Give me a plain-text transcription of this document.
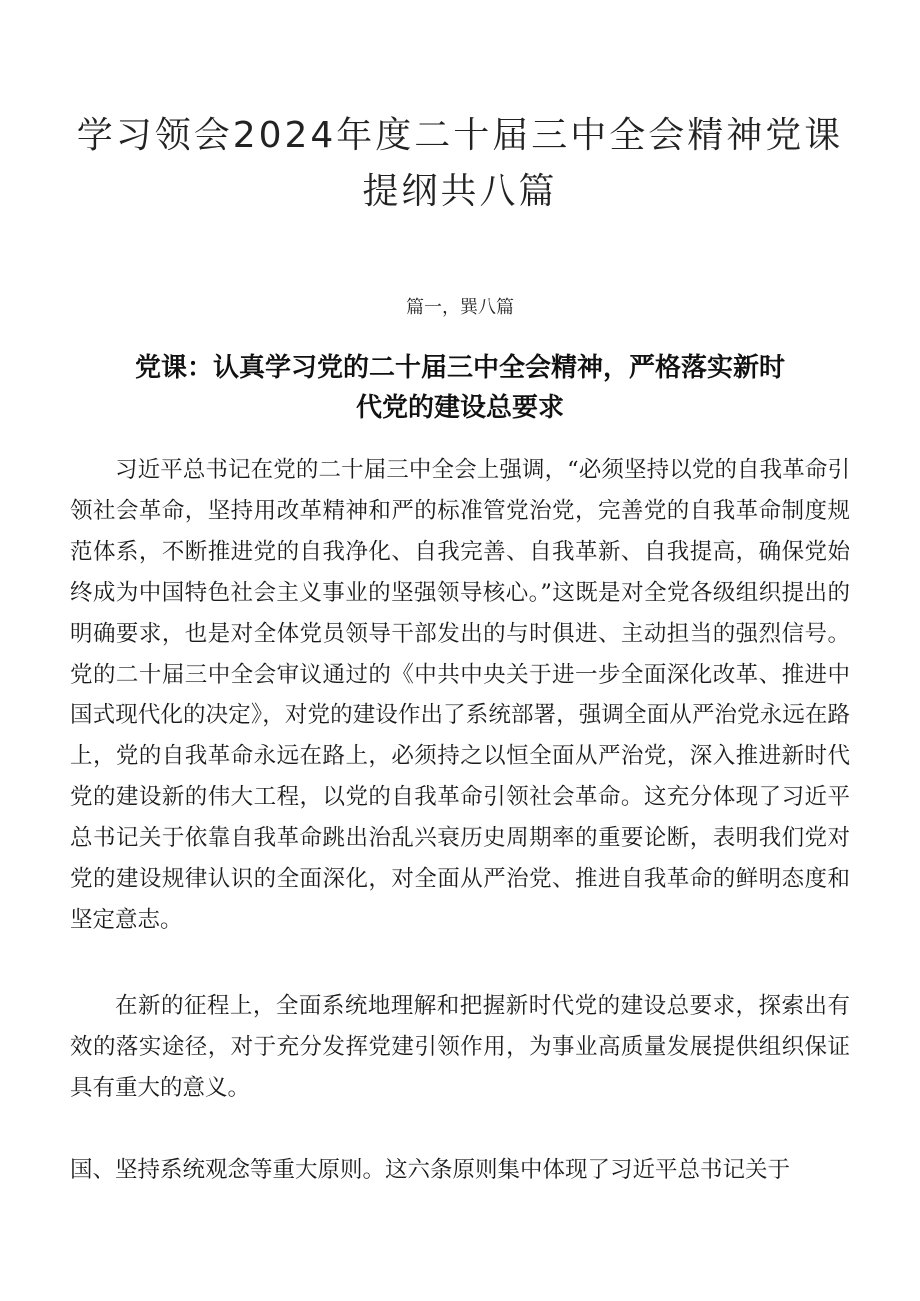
学习领会2024年度二十届三中全会精神党课提纲共八篇
篇一，巽八篇
党课：认真学习党的二十届三中全会精神，严格落实新时
代党的建设总要求

习近平总书记在党的二十届三中全会上强调，“必须坚持以党的自我革命引领社会革命，坚持用改革精神和严的标准管党治党，完善党的自我革命制度规范体系，不断推进党的自我净化、自我完善、自我革新、自我提高，确保党始终成为中国特色社会主义事业的坚强领导核心。”这既是对全党各级组织提出的明确要求，也是对全体党员领导干部发出的与时俱进、主动担当的强烈信号。党的二十届三中全会审议通过的《中共中央关于进一步全面深化改革、推进中国式现代化的决定》，对党的建设作出了系统部署，强调全面从严治党永远在路上，党的自我革命永远在路上，必须持之以恒全面从严治党，深入推进新时代党的建设新的伟大工程，以党的自我革命引领社会革命。这充分体现了习近平总书记关于依靠自我革命跳出治乱兴衰历史周期率的重要论断，表明我们党对党的建设规律认识的全面深化，对全面从严治党、推进自我革命的鲜明态度和坚定意志。

在新的征程上，全面系统地理解和把握新时代党的建设总要求，探索出有效的落实途径，对于充分发挥党建引领作用，为事业高质量发展提供组织保证具有重大的意义。

国、坚持系统观念等重大原则。这六条原则集中体现了习近平总书记关于
